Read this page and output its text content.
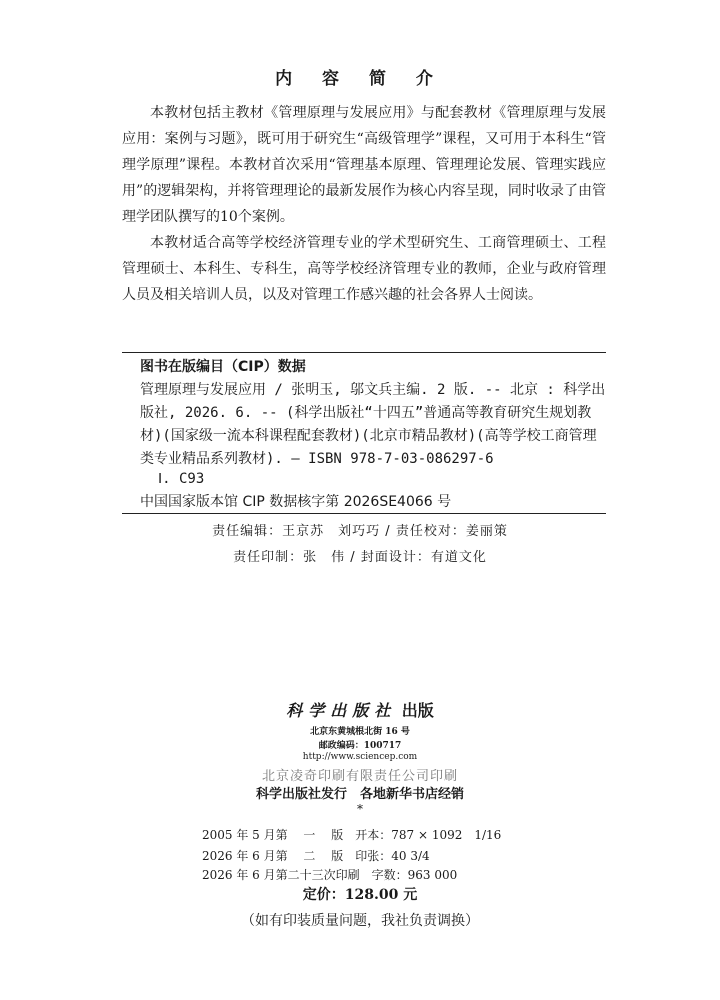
内 容 简 介

本教材包括主教材《管理原理与发展应用》与配套教材《管理原理与发展应用：案例与习题》，既可用于研究生“高级管理学”课程，又可用于本科生“管理学原理”课程。本教材首次采用“管理基本原理、管理理论发展、管理实践应用”的逻辑架构，并将管理理论的最新发展作为核心内容呈现，同时收录了由管理学团队撰写的10个案例。

本教材适合高等学校经济管理专业的学术型研究生、工商管理硕士、工程管理硕士、本科生、专科生，高等学校经济管理专业的教师，企业与政府管理人员及相关培训人员，以及对管理工作感兴趣的社会各界人士阅读。

图书在版编目（CIP）数据
管理原理与发展应用 / 张明玉, 邬文兵主编. 2 版. -- 北京 : 科学出版社, 2026. 6. -- (科学出版社“十四五”普通高等教育研究生规划教材)(国家级一流本科课程配套教材)(北京市精品教材)(高等学校工商管理类专业精品系列教材). — ISBN 978-7-03-086297-6
Ⅰ. C93
中国国家版本馆 CIP 数据核字第 2026SE4066 号
责任编辑：王京苏　刘巧巧 / 责任校对：姜丽策
责任印制：张　伟 / 封面设计：有道文化
科学出版社 出版
北京东黄城根北街 16 号
邮政编码：100717
http://www.sciencep.com
北京凌奇印刷有限责任公司印刷
科学出版社发行　各地新华书店经销
*
2005 年 5 月第　 一　 版　开本：787 × 1092　1/16
2026 年 6 月第　 二　 版　印张：40 3/4
2026 年 6 月第二十三次印刷　字数：963 000
定价：128.00 元
（如有印装质量问题，我社负责调换）
